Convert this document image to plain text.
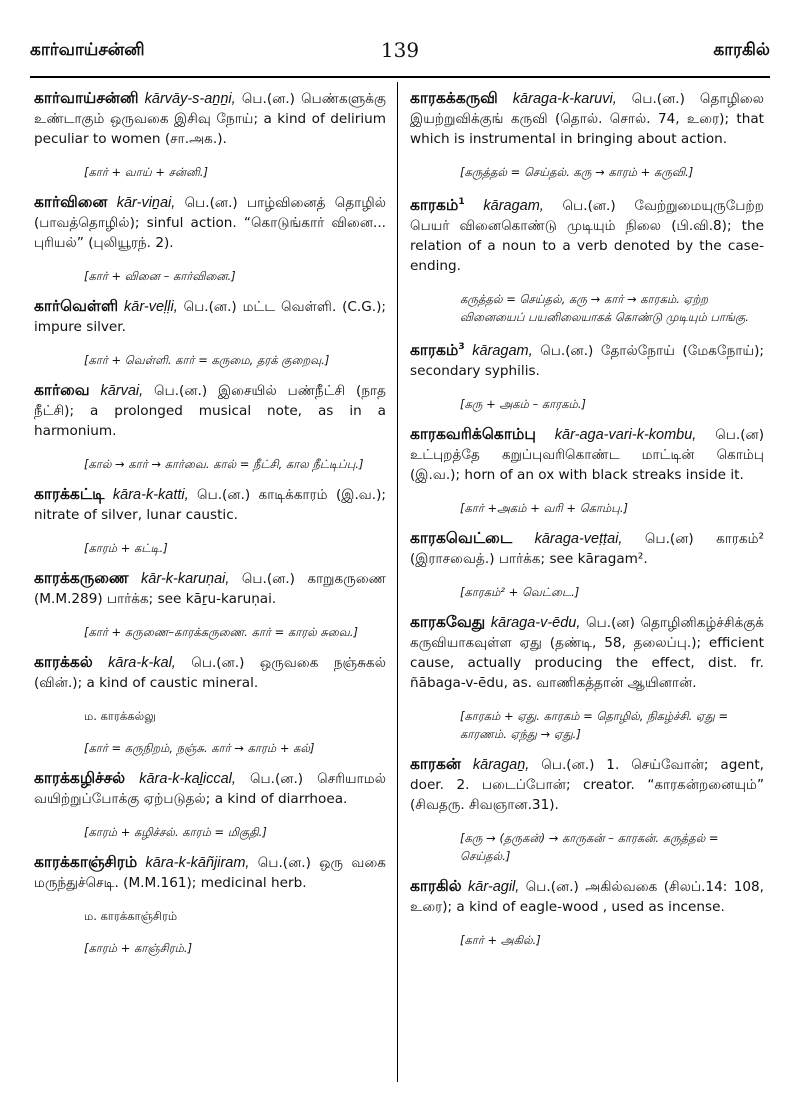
கார்வாய்சன்னி	139	காரகில்

கார்வாய்சன்னி kārvāy-s-aṉṉi, பெ.(ன.) பெண்களுக்கு உண்டாகும் ஒருவகை இசிவு நோய்; a kind of delirium peculiar to women (சா.அக.).

[கார் + வாய் + சன்னி.]

கார்வினை kār-viṉai, பெ.(ன.) பாழ்வினைத் தொழில் (பாவத்தொழில்); sinful action. “கொடுங்கார் வினை... புரியல்” (புலியூரந். 2).

[கார் + வினை – கார்வினை.]

கார்வெள்ளி kār-veḷḷi, பெ.(ன.) மட்ட வெள்ளி. (C.G.); impure silver.

[கார் + வெள்ளி. கார் = கருமை, தரக் குறைவு.]

கார்வை kārvai, பெ.(ன.) இசையில் பண்நீட்சி (நாத நீட்சி); a prolonged musical note, as in a harmonium.

[கால் → கார் → கார்வை. கால் = நீட்சி, கால நீட்டிப்பு.]

காரக்கட்டி kāra-k-katti, பெ.(ன.) காடிக்காரம் (இ.வ.); nitrate of silver, lunar caustic.

[காரம் + கட்டி.]

காரக்கருணை kār-k-karuṇai, பெ.(ன.) காறுகருணை (M.M.289) பார்க்க; see kāṟu-karuṇai.

[கார் + கருணை–காரக்கருணை. கார் = காரல் சுவை.]

காரக்கல் kāra-k-kal, பெ.(ன.) ஒருவகை நஞ்சுகல் (வின்.); a kind of caustic mineral.

ம. காரக்கல்லு

[கார் = கருநிறம், நஞ்சு. கார் → காரம் + கல்]

காரக்கழிச்சல் kāra-k-kaḻiccal, பெ.(ன.) செரியாமல் வயிற்றுப்போக்கு ஏற்படுதல்; a kind of diarrhoea.

[காரம் + கழிச்சல். காரம் = மிகுதி.]

காரக்காஞ்சிரம் kāra-k-kāñjiram, பெ.(ன.) ஒரு வகை மருந்துச்செடி. (M.M.161); medicinal herb.

ம. காரக்காஞ்சிரம்

[காரம் + காஞ்சிரம்.]

காரகக்கருவி kāraga-k-karuvi, பெ.(ன.) தொழிலை இயற்றுவிக்குங் கருவி (தொல். சொல். 74, உரை); that which is instrumental in bringing about action.

[கருத்தல் = செய்தல். கரு → காரம் + கருவி.]

காரகம்$^1$ kāragam, பெ.(ன.) வேற்றுமையுருபேற்ற பெயர் வினைகொண்டு முடியும் நிலை (பி.வி.8); the relation of a noun to a verb denoted by the case-ending.

கருத்தல் = செய்தல், கரு → கார் → காரகம். ஏற்ற வினையைப் பயனிலையாகக் கொண்டு முடியும் பாங்கு.

காரகம்$^3$ kāragam, பெ.(ன.) தோல்நோய் (மேகநோய்); secondary syphilis.

[கரு + அகம் – காரகம்.]

காரகவரிக்கொம்பு kār-aga-vari-k-kombu, பெ.(ன) உட்புறத்தே கறுப்புவரிகொண்ட மாட்டின் கொம்பு (இ.வ.); horn of an ox with black streaks inside it.

[கார் +அகம் + வரி + கொம்பு.]

காரகவெட்டை kāraga-veṭṭai, பெ.(ன) காரகம்² (இராசவைத்.) பார்க்க; see kāragam².

[காரகம்² + வெட்டை.]

காரகவேது kāraga-v-ēdu, பெ.(ன) தொழினிகழ்ச்சிக்குக் கருவியாகவுள்ள ஏது (தண்டி, 58, தலைப்பு.); efficient cause, actually producing the effect, dist. fr. ñābaga-v-ēdu, as. வாணிகத்தான் ஆயினான்.

[காரகம் + ஏது. காரகம் = தொழில், நிகழ்ச்சி. ஏது = காரணம். ஏந்து → ஏது.]

காரகன் kāragaṉ, பெ.(ன.) 1. செய்வோன்; agent, doer. 2. படைப்போன்; creator. “காரகன்றனையும்” (சிவதரு. சிவஞான.31).

[கரு → (தருகன்) → காருகன் – காரகன். கருத்தல் = செய்தல்.]

காரகில் kār-agil, பெ.(ன.) அகில்வகை (சிலப்.14: 108, உரை); a kind of eagle-wood , used as incense.

[கார் + அகில்.]
